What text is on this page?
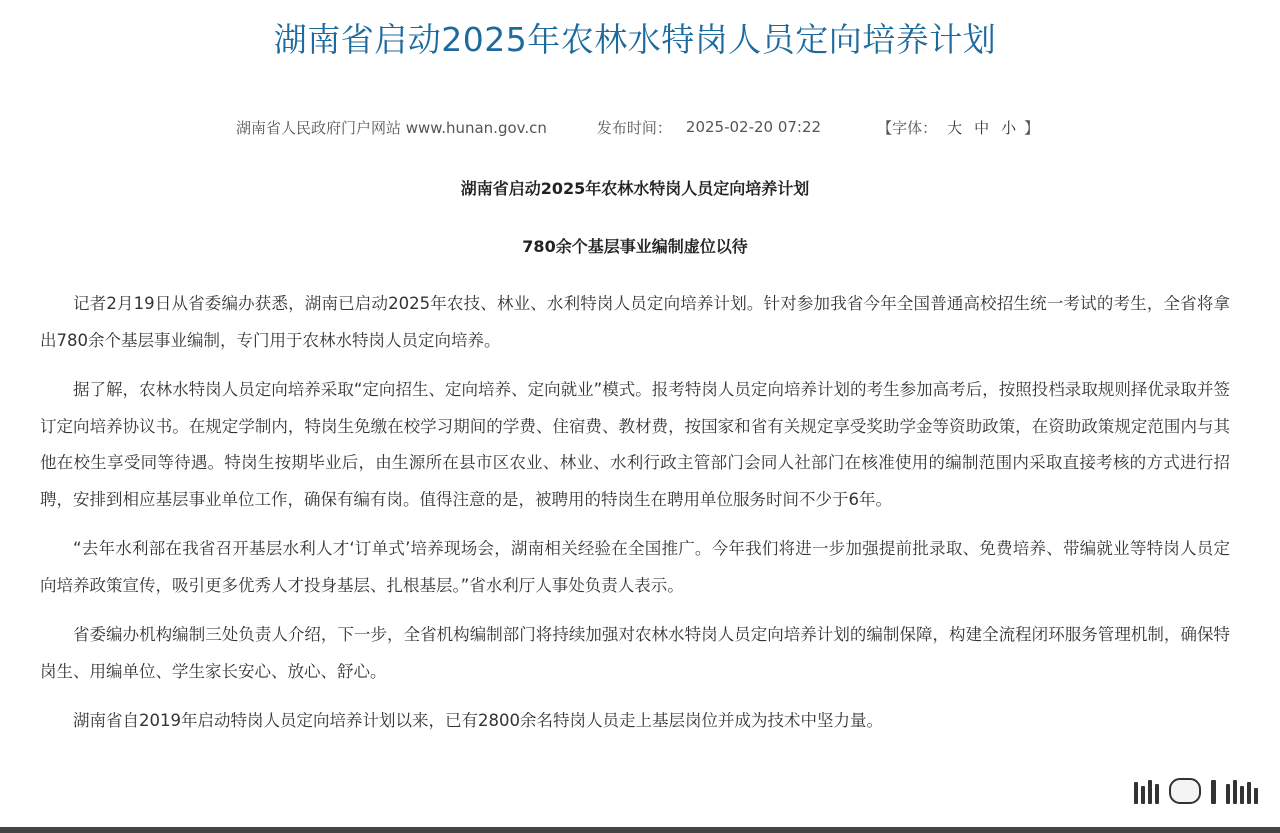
湖南省启动2025年农林水特岗人员定向培养计划
湖南省人民政府门户网站 www.hunan.gov.cn	发布时间： 2025-02-20 07:22	【字体： 大 中 小 】
湖南省启动2025年农林水特岗人员定向培养计划
780余个基层事业编制虚位以待

记者2月19日从省委编办获悉，湖南已启动2025年农技、林业、水利特岗人员定向培养计划。针对参加我省今年全国普通高校招生统一考试的考生，全省将拿出780余个基层事业编制，专门用于农林水特岗人员定向培养。

据了解，农林水特岗人员定向培养采取“定向招生、定向培养、定向就业”模式。报考特岗人员定向培养计划的考生参加高考后，按照投档录取规则择优录取并签订定向培养协议书。在规定学制内，特岗生免缴在校学习期间的学费、住宿费、教材费，按国家和省有关规定享受奖助学金等资助政策，在资助政策规定范围内与其他在校生享受同等待遇。特岗生按期毕业后，由生源所在县市区农业、林业、水利行政主管部门会同人社部门在核准使用的编制范围内采取直接考核的方式进行招聘，安排到相应基层事业单位工作，确保有编有岗。值得注意的是，被聘用的特岗生在聘用单位服务时间不少于6年。

“去年水利部在我省召开基层水利人才‘订单式’培养现场会，湖南相关经验在全国推广。今年我们将进一步加强提前批录取、免费培养、带编就业等特岗人员定向培养政策宣传，吸引更多优秀人才投身基层、扎根基层。”省水利厅人事处负责人表示。

省委编办机构编制三处负责人介绍，下一步，全省机构编制部门将持续加强对农林水特岗人员定向培养计划的编制保障，构建全流程闭环服务管理机制，确保特岗生、用编单位、学生家长安心、放心、舒心。

湖南省自2019年启动特岗人员定向培养计划以来，已有2800余名特岗人员走上基层岗位并成为技术中坚力量。
